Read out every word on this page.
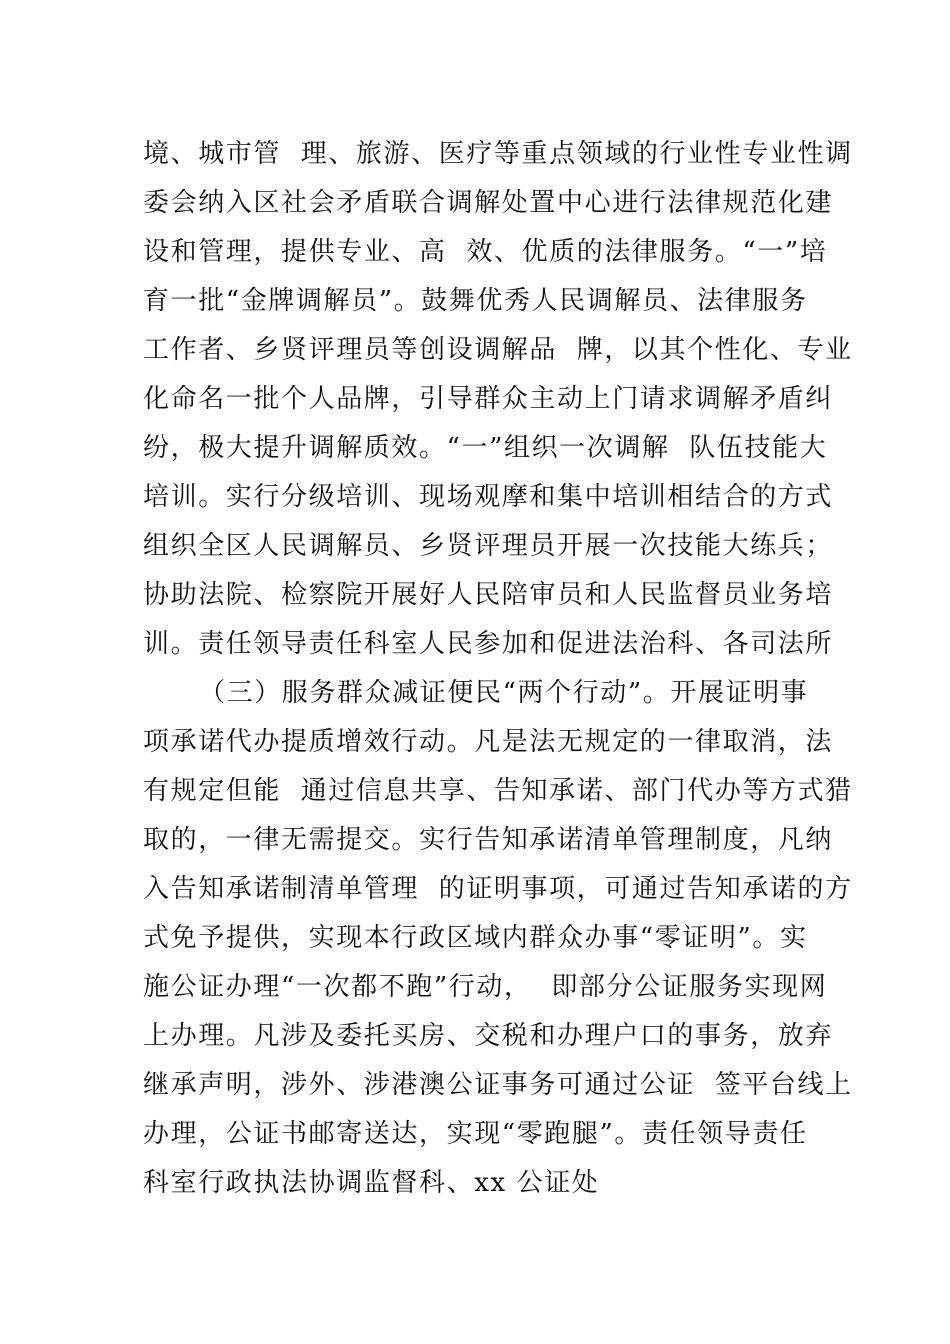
境、城市管  理、旅游、医疗等重点领域的行业性专业性调

委会纳入区社会矛盾联合调解处置中心进行法律规范化建

设和管理，提供专业、高  效、优质的法律服务。“一”培

育一批“金牌调解员”。鼓舞优秀人民调解员、法律服务

工作者、乡贤评理员等创设调解品  牌，以其个性化、专业

化命名一批个人品牌，引导群众主动上门请求调解矛盾纠

纷，极大提升调解质效。“一”组织一次调解  队伍技能大

培训。实行分级培训、现场观摩和集中培训相结合的方式

组织全区人民调解员、乡贤评理员开展一次技能大练兵；

协助法院、检察院开展好人民陪审员和人民监督员业务培

训。责任领导责任科室人民参加和促进法治科、各司法所

（三）服务群众减证便民“两个行动”。开展证明事

项承诺代办提质增效行动。凡是法无规定的一律取消，法

有规定但能  通过信息共享、告知承诺、部门代办等方式猎

取的，一律无需提交。实行告知承诺清单管理制度，凡纳

入告知承诺制清单管理  的证明事项，可通过告知承诺的方

式免予提供，实现本行政区域内群众办事“零证明”。实

施公证办理“一次都不跑”行动，  即部分公证服务实现网

上办理。凡涉及委托买房、交税和办理户口的事务，放弃

继承声明，涉外、涉港澳公证事务可通过公证  签平台线上

办理，公证书邮寄送达，实现“零跑腿”。责任领导责任

科室行政执法协调监督科、xx 公证处
